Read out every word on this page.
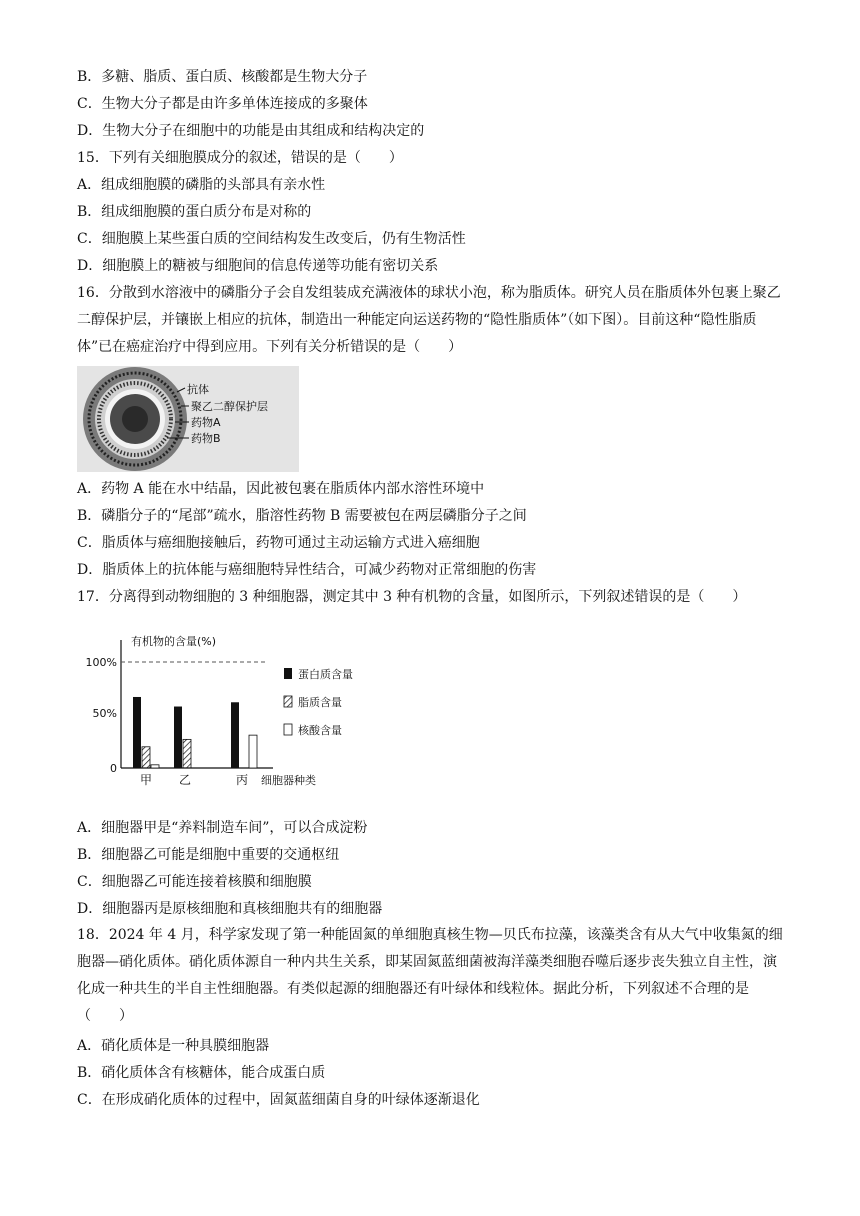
B．多糖、脂质、蛋白质、核酸都是生物大分子
C．生物大分子都是由许多单体连接成的多聚体
D．生物大分子在细胞中的功能是由其组成和结构决定的
15．下列有关细胞膜成分的叙述，错误的是（　　）
A．组成细胞膜的磷脂的头部具有亲水性
B．组成细胞膜的蛋白质分布是对称的
C．细胞膜上某些蛋白质的空间结构发生改变后，仍有生物活性
D．细胞膜上的糖被与细胞间的信息传递等功能有密切关系
16．分散到水溶液中的磷脂分子会自发组装成充满液体的球状小泡，称为脂质体。研究人员在脂质体外包裹上聚乙二醇保护层，并镶嵌上相应的抗体，制造出一种能定向运送药物的“隐性脂质体”（如下图）。目前这种“隐性脂质体”已在癌症治疗中得到应用。下列有关分析错误的是（　　）
抗体
聚乙二醇保护层
药物A
药物B
A．药物 A 能在水中结晶，因此被包裹在脂质体内部水溶性环境中
B．磷脂分子的“尾部”疏水，脂溶性药物 B 需要被包在两层磷脂分子之间
C．脂质体与癌细胞接触后，药物可通过主动运输方式进入癌细胞
D．脂质体上的抗体能与癌细胞特异性结合，可减少药物对正常细胞的伤害
17．分离得到动物细胞的 3 种细胞器，测定其中 3 种有机物的含量，如图所示，下列叙述错误的是（　　）
有机物的含量(%)
100%
50%
0
甲 乙	丙 细胞器种类
蛋白质含量
脂质含量
核酸含量
A．细胞器甲是“养料制造车间”，可以合成淀粉
B．细胞器乙可能是细胞中重要的交通枢纽
C．细胞器乙可能连接着核膜和细胞膜
D．细胞器丙是原核细胞和真核细胞共有的细胞器
18．2024 年 4 月，科学家发现了第一种能固氮的单细胞真核生物—贝氏布拉藻，该藻类含有从大气中收集氮的细胞器—硝化质体。硝化质体源自一种内共生关系，即某固氮蓝细菌被海洋藻类细胞吞噬后逐步丧失独立自主性，演化成一种共生的半自主性细胞器。有类似起源的细胞器还有叶绿体和线粒体。据此分析，下列叙述不合理的是（　　）
A．硝化质体是一种具膜细胞器
B．硝化质体含有核糖体，能合成蛋白质
C．在形成硝化质体的过程中，固氮蓝细菌自身的叶绿体逐渐退化
